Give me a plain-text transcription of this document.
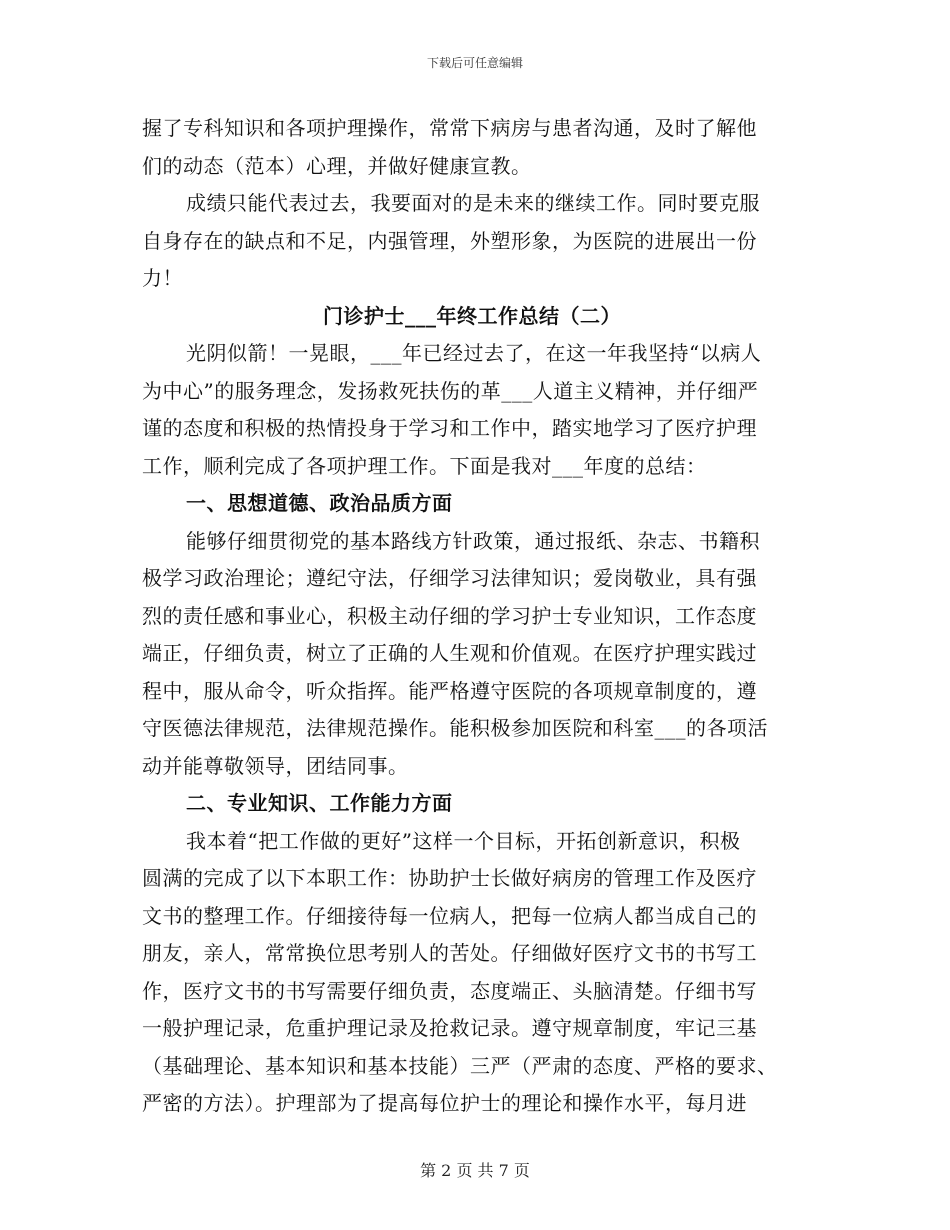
下载后可任意编辑
握了专科知识和各项护理操作，常常下病房与患者沟通，及时了解他
们的动态（范本）心理，并做好健康宣教。
成绩只能代表过去，我要面对的是未来的继续工作。同时要克服
自身存在的缺点和不足，内强管理，外塑形象，为医院的进展出一份
力！
门诊护士___年终工作总结（二）
光阴似箭！一晃眼，___年已经过去了，在这一年我坚持“以病人
为中心”的服务理念，发扬救死扶伤的革___人道主义精神，并仔细严
谨的态度和积极的热情投身于学习和工作中，踏实地学习了医疗护理
工作，顺利完成了各项护理工作。下面是我对___年度的总结：
一、思想道德、政治品质方面
能够仔细贯彻党的基本路线方针政策，通过报纸、杂志、书籍积
极学习政治理论；遵纪守法，仔细学习法律知识；爱岗敬业，具有强
烈的责任感和事业心，积极主动仔细的学习护士专业知识，工作态度
端正，仔细负责，树立了正确的人生观和价值观。在医疗护理实践过
程中，服从命令，听众指挥。能严格遵守医院的各项规章制度的，遵
守医德法律规范，法律规范操作。能积极参加医院和科室___的各项活
动并能尊敬领导，团结同事。
二、专业知识、工作能力方面
我本着“把工作做的更好”这样一个目标，开拓创新意识，积极
圆满的完成了以下本职工作：协助护士长做好病房的管理工作及医疗
文书的整理工作。仔细接待每一位病人，把每一位病人都当成自己的
朋友，亲人，常常换位思考别人的苦处。仔细做好医疗文书的书写工
作，医疗文书的书写需要仔细负责，态度端正、头脑清楚。仔细书写
一般护理记录，危重护理记录及抢救记录。遵守规章制度，牢记三基
（基础理论、基本知识和基本技能）三严（严肃的态度、严格的要求、
严密的方法）。护理部为了提高每位护士的理论和操作水平，每月进
第 2 页 共 7 页
